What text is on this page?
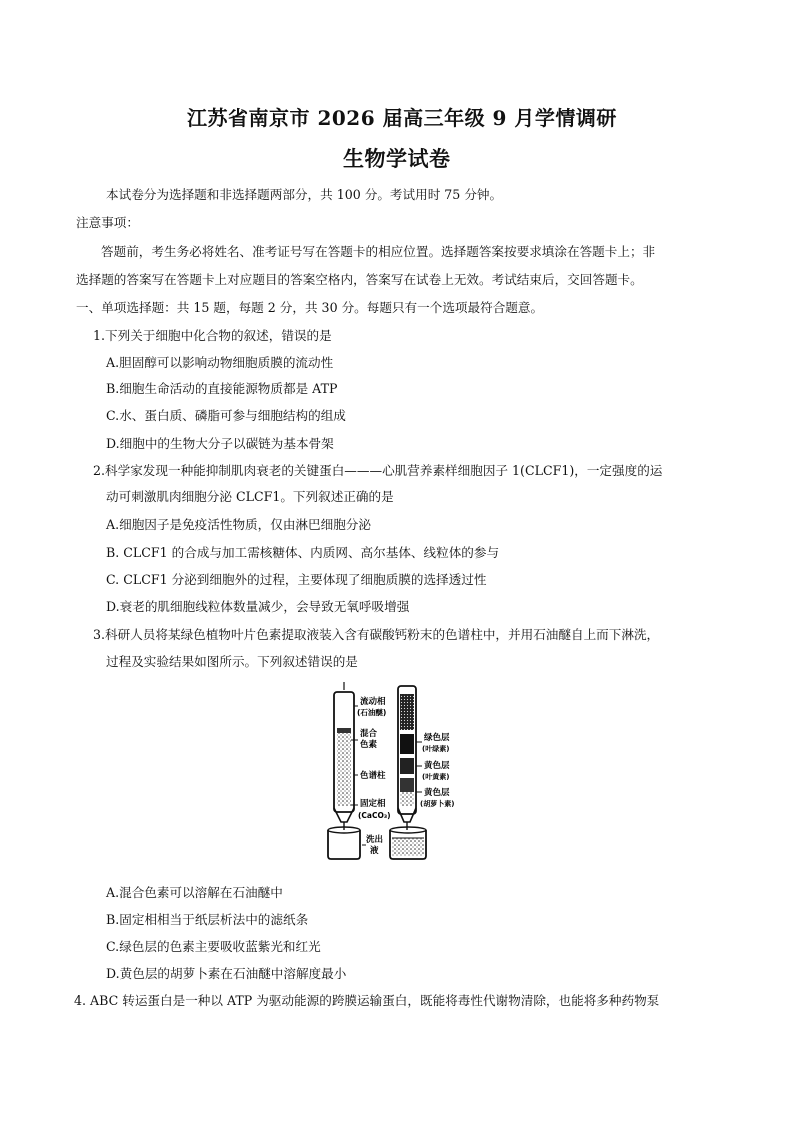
江苏省南京市 2026 届高三年级 9 月学情调研
生物学试卷
本试卷分为选择题和非选择题两部分，共 100 分。考试用时 75 分钟。
注意事项：
答题前，考生务必将姓名、准考证号写在答题卡的相应位置。选择题答案按要求填涂在答题卡上；非
选择题的答案写在答题卡上对应题目的答案空格内，答案写在试卷上无效。考试结束后，交回答题卡。
一、单项选择题：共 15 题，每题 2 分，共 30 分。每题只有一个选项最符合题意。
1.下列关于细胞中化合物的叙述，错误的是
A.胆固醇可以影响动物细胞质膜的流动性
B.细胞生命活动的直接能源物质都是 ATP
C.水、蛋白质、磷脂可参与细胞结构的组成
D.细胞中的生物大分子以碳链为基本骨架
2.科学家发现一种能抑制肌肉衰老的关键蛋白———心肌营养素样细胞因子 1(CLCF1)，一定强度的运
动可刺激肌肉细胞分泌 CLCF1。下列叙述正确的是
A.细胞因子是免疫活性物质，仅由淋巴细胞分泌
B. CLCF1 的合成与加工需核糖体、内质网、高尔基体、线粒体的参与
C. CLCF1 分泌到细胞外的过程，主要体现了细胞质膜的选择透过性
D.衰老的肌细胞线粒体数量减少，会导致无氧呼吸增强
3.科研人员将某绿色植物叶片色素提取液装入含有碳酸钙粉末的色谱柱中，并用石油醚自上而下淋洗，
过程及实验结果如图所示。下列叙述错误的是
流动相
(石油醚)
混合
色素
色谱柱
固定相
(CaCO₃)
洗出
液
绿色层
(叶绿素)
黄色层
(叶黄素)
黄色层
(胡萝卜素)
A.混合色素可以溶解在石油醚中
B.固定相相当于纸层析法中的滤纸条
C.绿色层的色素主要吸收蓝紫光和红光
D.黄色层的胡萝卜素在石油醚中溶解度最小
4. ABC 转运蛋白是一种以 ATP 为驱动能源的跨膜运输蛋白，既能将毒性代谢物清除，也能将多种药物泵
